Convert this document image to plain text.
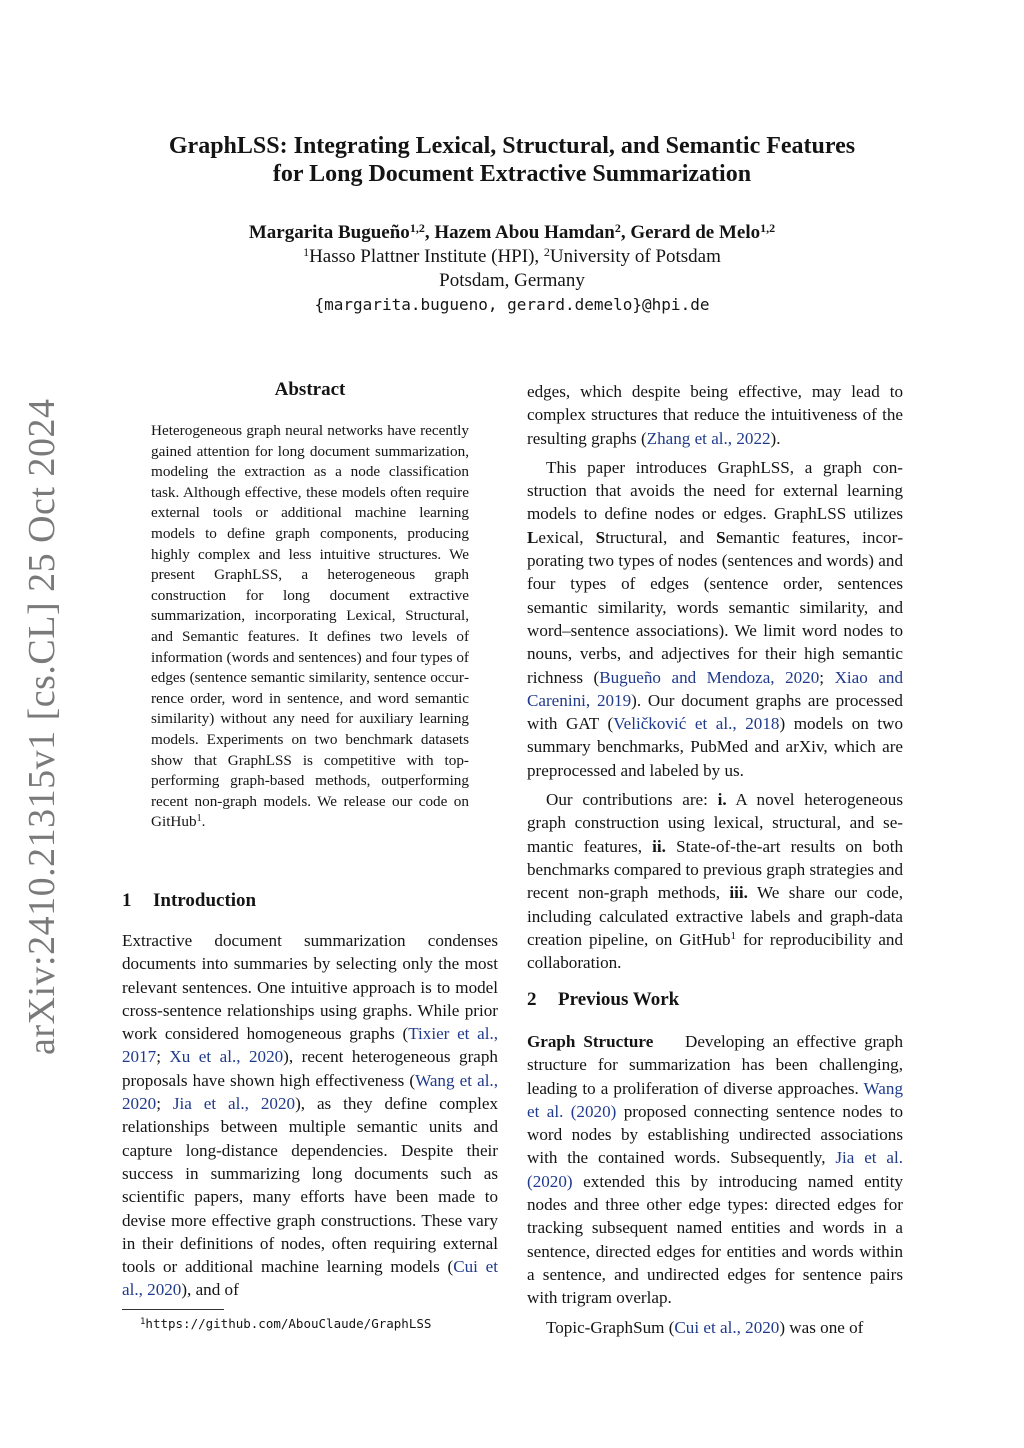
arXiv:2410.21315v1 [cs.CL] 25 Oct 2024
GraphLSS: Integrating Lexical, Structural, and Semantic Features
for Long Document Extractive Summarization
Margarita Bugueño$^{1,2}$, Hazem Abou Hamdan$^2$, Gerard de Melo$^{1,2}$
$^1$Hasso Plattner Institute (HPI), $^2$University of Potsdam
Potsdam, Germany
{margarita.bugueno, gerard.demelo}@hpi.de
Abstract
Heterogeneous graph neural networks have recently gained attention for long document summarization, modeling the extraction as a node classification task. Although effective, these models often require external tools or additional machine learning models to define graph components, producing highly complex and less intuitive structures. We present GraphLSS, a heterogeneous graph construction for long document extractive summarization, incorporating Lexical, Structural, and Semantic features. It defines two levels of information (words and sentences) and four types of edges (sentence semantic similarity, sentence occurrence order, word in sentence, and word semantic similarity) without any need for auxiliary learning models. Experiments on two benchmark datasets show that GraphLSS is competitive with top-performing graph-based methods, outperforming recent non-graph models. We release our code on GitHub$^1$.
1 Introduction

Extractive document summarization condenses documents into summaries by selecting only the most relevant sentences. One intuitive approach is to model cross-sentence relationships using graphs. While prior work considered homogeneous graphs (Tixier et al., 2017; Xu et al., 2020), recent heterogeneous graph proposals have shown high effectiveness (Wang et al., 2020; Jia et al., 2020), as they define complex relationships between multiple semantic units and capture long-distance dependencies. Despite their success in summarizing long documents such as scientific papers, many efforts have been made to devise more effective graph constructions. These vary in their definitions of nodes, often requiring external tools or additional machine learning models (Cui et al., 2020), and of

edges, which despite being effective, may lead to complex structures that reduce the intuitiveness of the resulting graphs (Zhang et al., 2022).

This paper introduces GraphLSS, a graph construction that avoids the need for external learning models to define nodes or edges. GraphLSS utilizes Lexical, Structural, and Semantic features, incorporating two types of nodes (sentences and words) and four types of edges (sentence order, sentences semantic similarity, words semantic similarity, and word–sentence associations). We limit word nodes to nouns, verbs, and adjectives for their high semantic richness (Bugueño and Mendoza, 2020; Xiao and Carenini, 2019). Our document graphs are processed with GAT (Veličković et al., 2018) models on two summary benchmarks, PubMed and arXiv, which are preprocessed and labeled by us.

Our contributions are: i. A novel heterogeneous graph construction using lexical, structural, and semantic features, ii. State-of-the-art results on both benchmarks compared to previous graph strategies and recent non-graph methods, iii. We share our code, including calculated extractive labels and graph-data creation pipeline, on GitHub$^1$ for reproducibility and collaboration.

2 Previous Work

Graph Structure Developing an effective graph structure for summarization has been challenging, leading to a proliferation of diverse approaches. Wang et al. (2020) proposed connecting sentence nodes to word nodes by establishing undirected associations with the contained words. Subsequently, Jia et al. (2020) extended this by introducing named entity nodes and three other edge types: directed edges for tracking subsequent named entities and words in a sentence, directed edges for entities and words within a sentence, and undirected edges for sentence pairs with trigram overlap.

Topic-GraphSum (Cui et al., 2020) was one of

$^1$https://github.com/AbouClaude/GraphLSS
